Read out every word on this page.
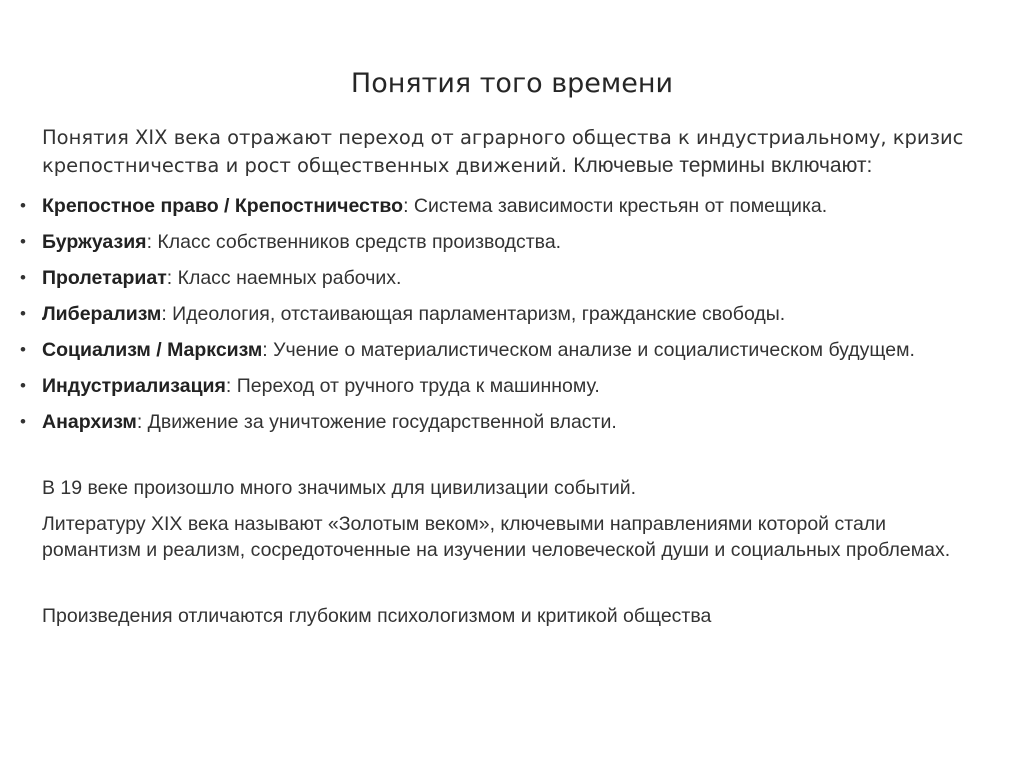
Понятия того времени
Понятия XIX века отражают переход от аграрного общества к индустриальному, кризис крепостничества и рост общественных движений. Ключевые термины включают:
• Крепостное право / Крепостничество: Система зависимости крестьян от помещика.
• Буржуазия: Класс собственников средств производства.
• Пролетариат: Класс наемных рабочих.
• Либерализм: Идеология, отстаивающая парламентаризм, гражданские свободы.
• Социализм / Марксизм: Учение о материалистическом анализе и социалистическом будущем.
• Индустриализация: Переход от ручного труда к машинному.
• Анархизм: Движение за уничтожение государственной власти.
В 19 веке произошло много значимых для цивилизации событий.
Литературу XIX века называют «Золотым веком», ключевыми направлениями которой стали романтизм и реализм, сосредоточенные на изучении человеческой души и социальных проблемах.
Произведения отличаются глубоким психологизмом и критикой общества
